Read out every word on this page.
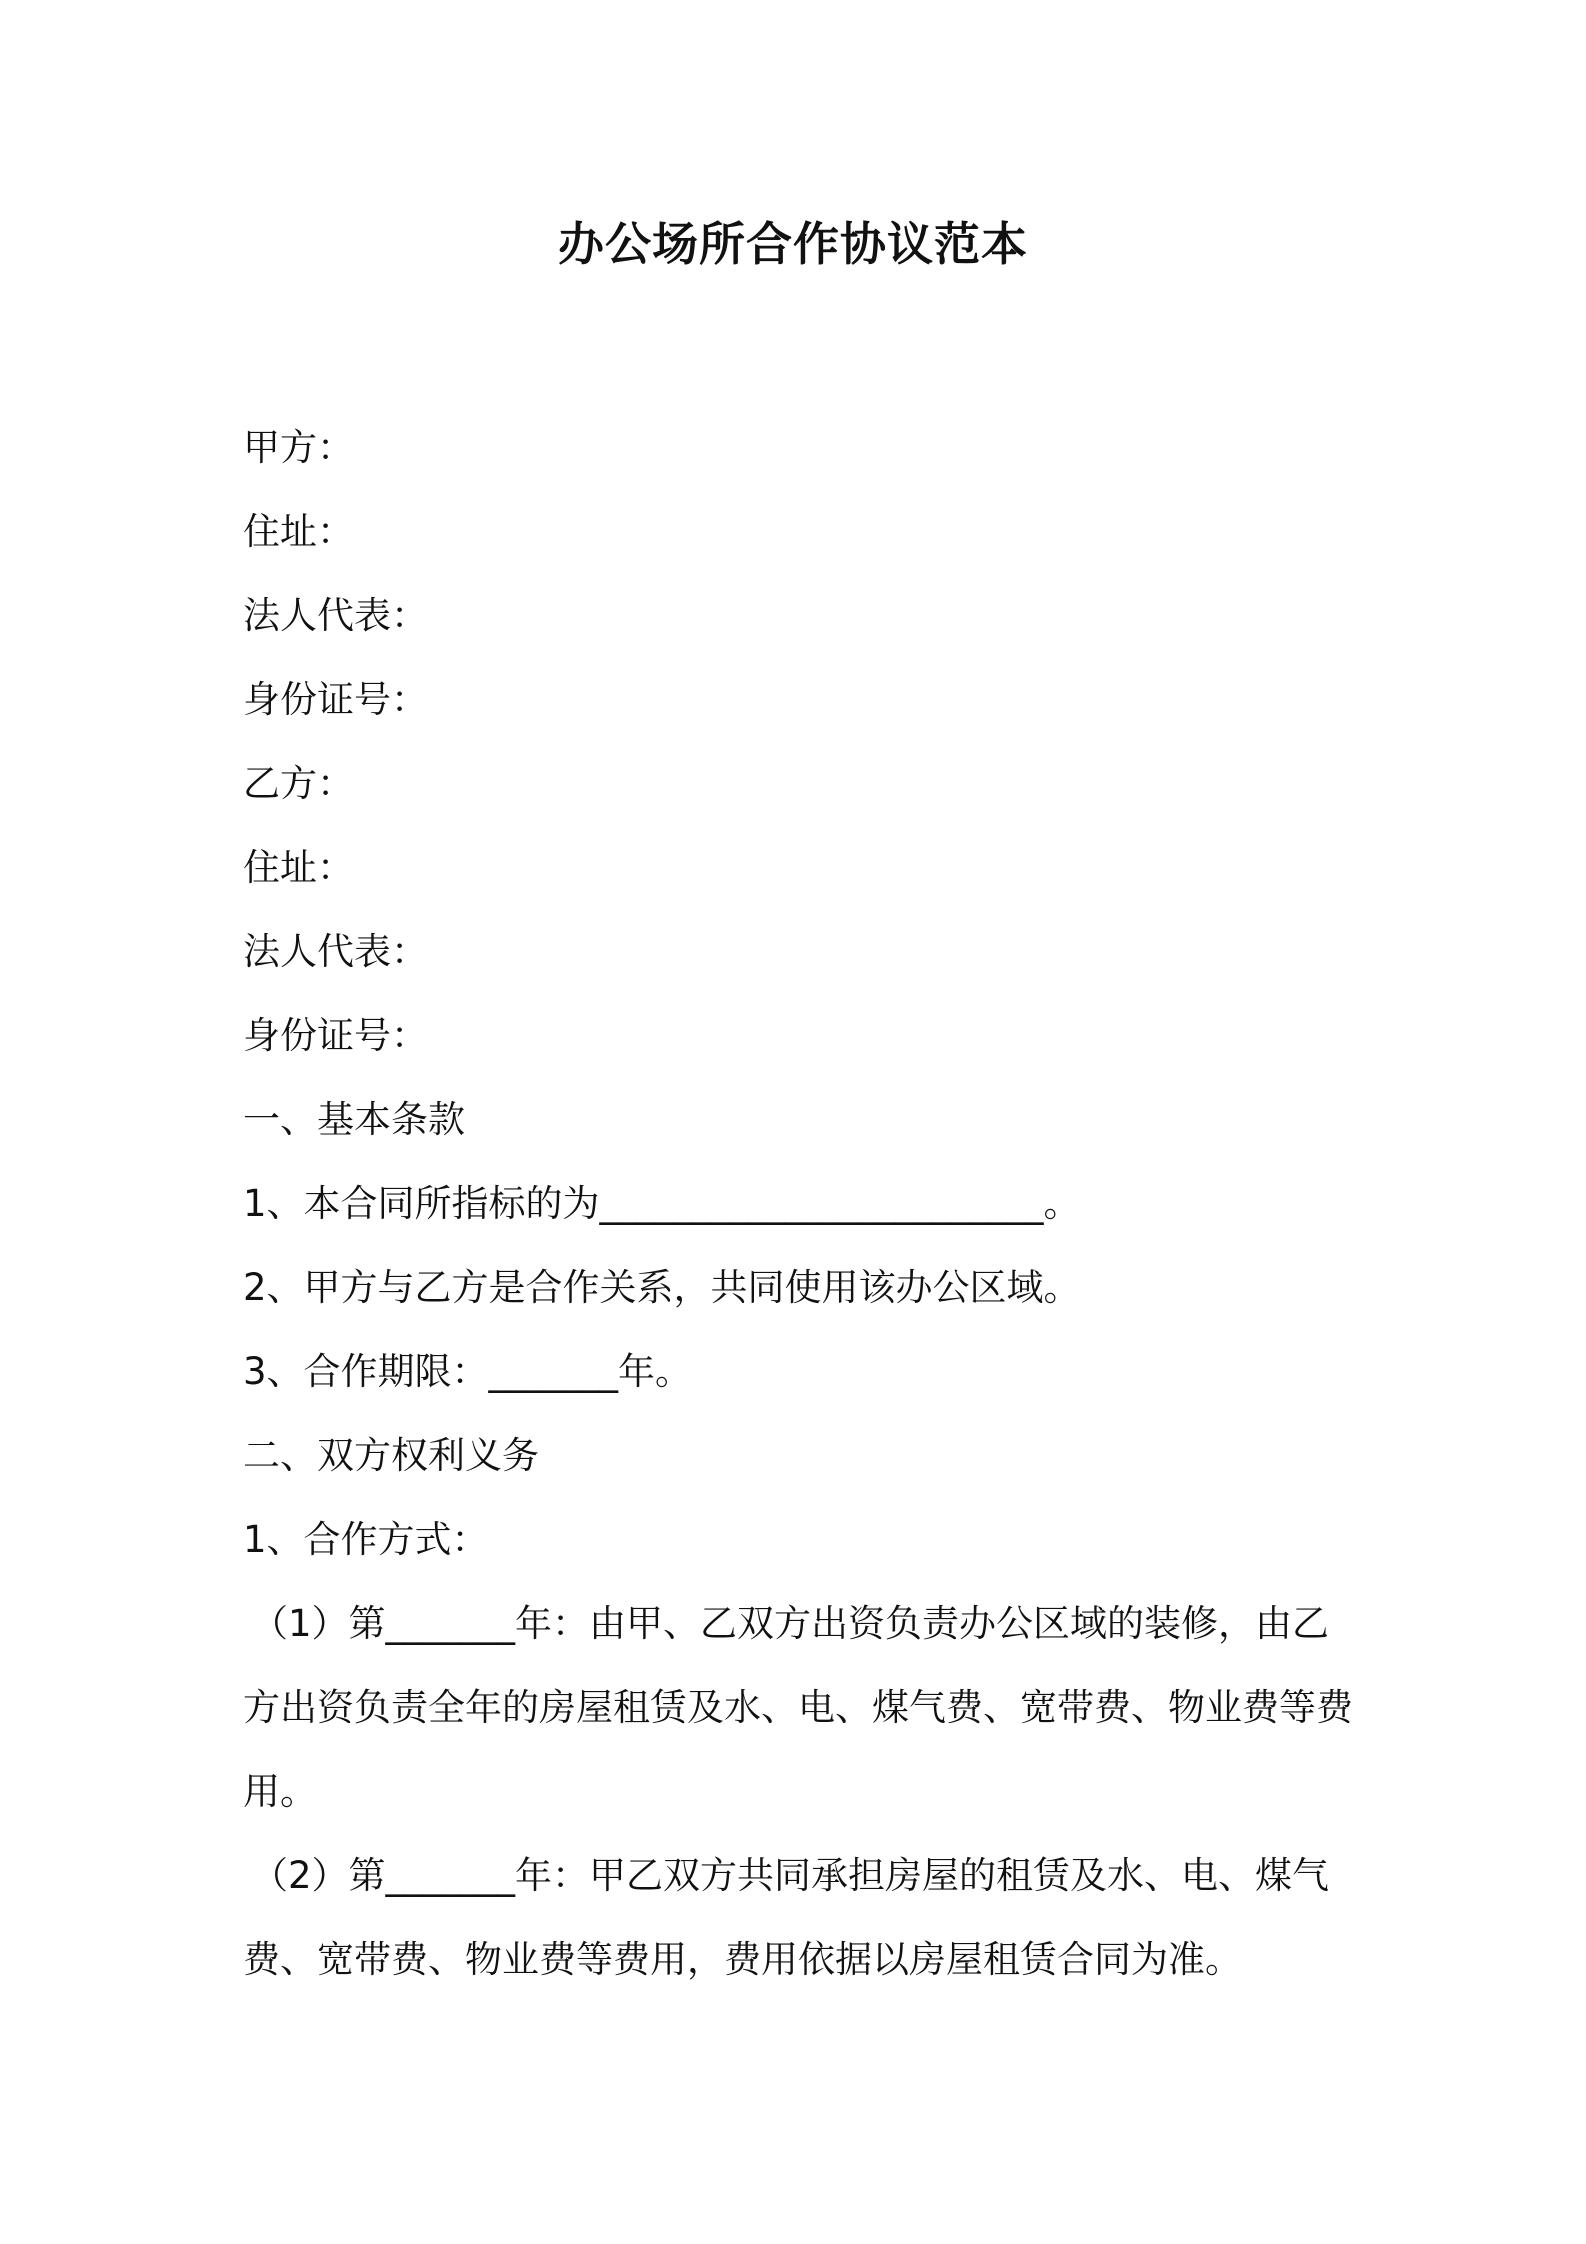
办公场所合作协议范本
甲方：
住址：
法人代表：
身份证号：
乙方：
住址：
法人代表：
身份证号：
一、基本条款
1、本合同所指标的为________________________。
2、甲方与乙方是合作关系，共同使用该办公区域。
3、合作期限：_______年。
二、双方权利义务
1、合作方式：

（1）第_______年：由甲、乙双方出资负责办公区域的装修，由乙方出资负责全年的房屋租赁及水、电、煤气费、宽带费、物业费等费用。

（2）第_______年：甲乙双方共同承担房屋的租赁及水、电、煤气费、宽带费、物业费等费用，费用依据以房屋租赁合同为准。
